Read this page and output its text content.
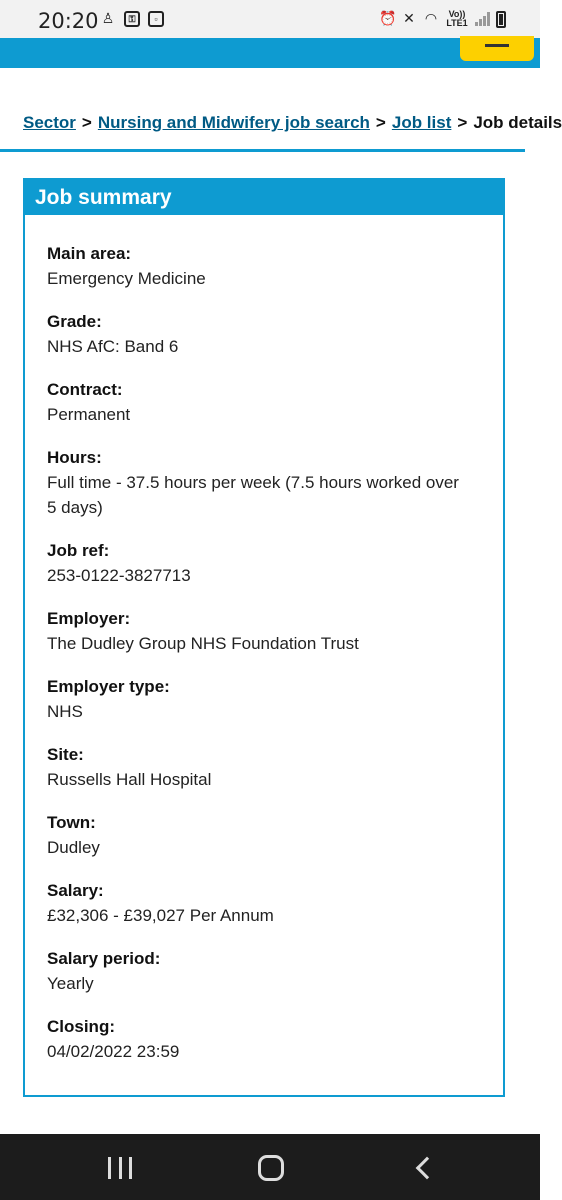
20:20 ♙	⚿	▫	⏰ ✕ ◠	Vo))
LTE1
Sector > Nursing and Midwifery job search > Job list > Job details
Job summary
Main area:
Emergency Medicine
Grade:
NHS AfC: Band 6
Contract:
Permanent
Hours:
Full time - 37.5 hours per week (7.5 hours worked over 5 days)
Job ref:
253-0122-3827713
Employer:
The Dudley Group NHS Foundation Trust
Employer type:
NHS
Site:
Russells Hall Hospital
Town:
Dudley
Salary:
£32,306 - £39,027 Per Annum
Salary period:
Yearly
Closing:
04/02/2022 23:59
